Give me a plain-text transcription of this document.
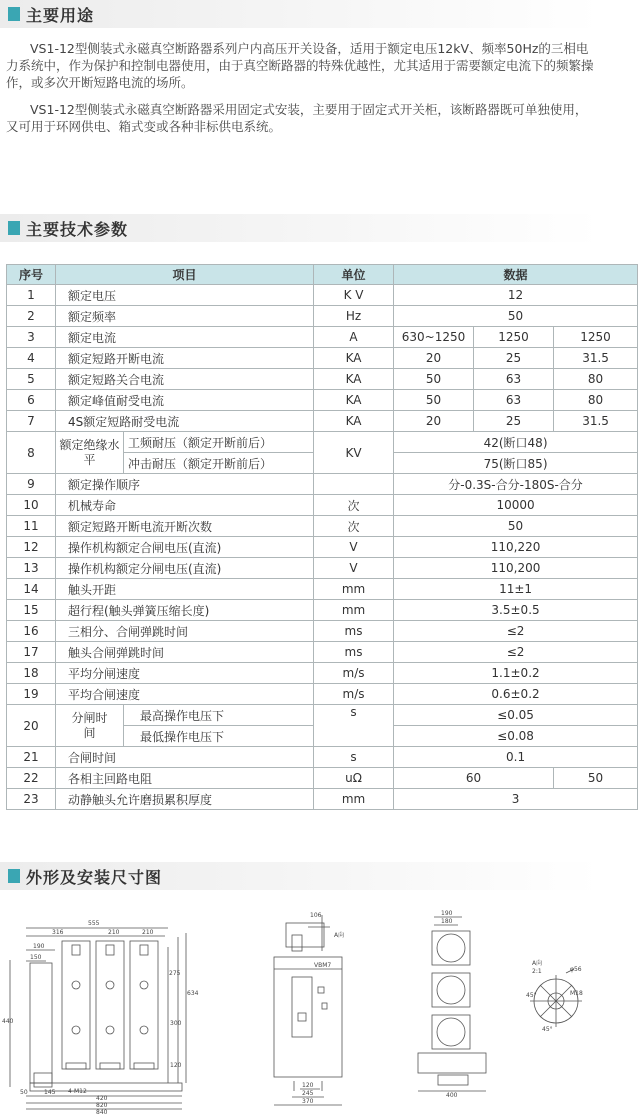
主要用途
VS1-12型侧装式永磁真空断路器系列户内高压开关设备，适用于额定电压12kV、频率50Hz的三相电力系统中，作为保护和控制电器使用，由于真空断路器的特殊优越性，尤其适用于需要额定电流下的频繁操作，或多次开断短路电流的场所。
VS1-12型侧装式永磁真空断路器采用固定式安装，主要用于固定式开关柜，该断路器既可单独使用，又可用于环网供电、箱式变或各种非标供电系统。
主要技术参数
序号	项目		单位	数据		
1	额定电压		K V	12		
2	额定频率		Hz	50		
3	额定电流		A	630~1250	1250	1250
4	额定短路开断电流		KA	20	25	31.5
5	额定短路关合电流		KA	50	63	80
6	额定峰值耐受电流		KA	50	63	80
7	4S额定短路耐受电流		KA	20	25	31.5
8	额定绝缘水平	工频耐压（额定开断前后）	KV	42(断口48)		
		冲击耐压（额定开断前后）		75(断口85)		
9	额定操作顺序			分-0.3S-合分-180S-合分		
10	机械寿命		次	10000		
11	额定短路开断电流开断次数		次	50		
12	操作机构额定合闸电压(直流)		V	110,220		
13	操作机构额定分闸电压(直流)		V	110,200		
14	触头开距		mm	11±1		
15	超行程(触头弹簧压缩长度)		mm	3.5±0.5		
16	三相分、合闸弹跳时间		ms	≤2		
17	触头合闸弹跳时间		ms	≤2		
18	平均分闸速度		m/s	1.1±0.2		
19	平均合闸速度		m/s	0.6±0.2		
20	分闸时间	最高操作电压下	s	≤0.05		
		最低操作电压下		≤0.08		
21	合闸时间		s	0.1		
22	各相主回路电阻		uΩ	60		50
23	动静触头允许磨损累积厚度		mm	3		
外形及安装尺寸图
555
316	210	210
190
150
440
275
634
300
120
50	145 4-M12
420
820
840
106
A向
VBM7
120
245
370
190
180
400
A向
2:1	φ56
M18
45°
45°
